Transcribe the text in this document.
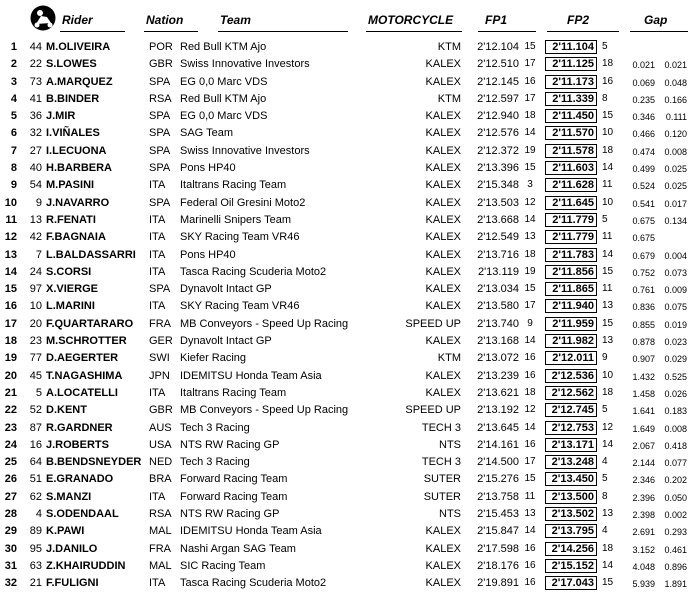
Rider	Nation	Team	MOTORCYCLE	FP1	FP2	Gap
1	44 M.OLIVEIRA	POR Red Bull KTM Ajo	KTM 2'12.104 15	2'11.104 5
2	22 S.LOWES	GBR Swiss Innovative Investors	KALEX 2'12.510 17	2'11.125 18	0.021 0.021
3	73 A.MARQUEZ	SPA EG 0,0 Marc VDS	KALEX 2'12.145 16	2'11.173 16	0.069 0.048
4	41 B.BINDER	RSA Red Bull KTM Ajo	KTM 2'12.597 17	2'11.339 8	0.235 0.166
5	36 J.MIR	SPA EG 0,0 Marc VDS	KALEX 2'12.940 18	2'11.450 15	0.346 0.111
6	32 I.VIÑALES	SPA SAG Team	KALEX 2'12.576 14	2'11.570 10	0.466 0.120
7	27 I.LECUONA	SPA Swiss Innovative Investors	KALEX 2'12.372 19	2'11.578 18	0.474 0.008
8	40 H.BARBERA	SPA Pons HP40	KALEX 2'13.396 15	2'11.603 14	0.499 0.025
9	54 M.PASINI	ITA Italtrans Racing Team	KALEX 2'15.348 3	2'11.628 11	0.524 0.025
10	9 J.NAVARRO	SPA Federal Oil Gresini Moto2	KALEX 2'13.503 12	2'11.645 10	0.541 0.017
11	13 R.FENATI	ITA Marinelli Snipers Team	KALEX 2'13.668 14	2'11.779 5	0.675 0.134
12	42 F.BAGNAIA	ITA SKY Racing Team VR46	KALEX 2'12.549 13	2'11.779 11	0.675
13	7 L.BALDASSARRI ITA Pons HP40	KALEX 2'13.716 18	2'11.783 14	0.679 0.004
14	24 S.CORSI	ITA Tasca Racing Scuderia Moto2	KALEX 2'13.119 19	2'11.856 15	0.752 0.073
15	97 X.VIERGE	SPA Dynavolt Intact GP	KALEX 2'13.034 15	2'11.865 11	0.761 0.009
16	10 L.MARINI	ITA SKY Racing Team VR46	KALEX 2'13.580 17	2'11.940 13	0.836 0.075
17	20 F.QUARTARARO FRA MB Conveyors - Speed Up Racing	SPEED UP 2'13.740 9	2'11.959 15	0.855 0.019
18	23 M.SCHROTTER GER Dynavolt Intact GP	KALEX 2'13.168 14	2'11.982 13	0.878 0.023
19	77 D.AEGERTER	SWI Kiefer Racing	KTM 2'13.072 16	2'12.011 9	0.907 0.029
20	45 T.NAGASHIMA JPN IDEMITSU Honda Team Asia	KALEX 2'13.239 16	2'12.536 10	1.432 0.525
21	5 A.LOCATELLI	ITA Italtrans Racing Team	KALEX 2'13.621 18	2'12.562 18	1.458 0.026
22	52 D.KENT	GBR MB Conveyors - Speed Up Racing	SPEED UP 2'13.192 12	2'12.745 5	1.641 0.183
23	87 R.GARDNER	AUS Tech 3 Racing	TECH 3 2'13.645 14	2'12.753 12	1.649 0.008
24	16 J.ROBERTS	USA NTS RW Racing GP	NTS 2'14.161 16	2'13.171 14	2.067 0.418
25	64 B.BENDSNEYDER NED Tech 3 Racing	TECH 3 2'14.500 17	2'13.248 4	2.144 0.077
26	51 E.GRANADO	BRA Forward Racing Team	SUTER 2'15.276 15	2'13.450 5	2.346 0.202
27	62 S.MANZI	ITA Forward Racing Team	SUTER 2'13.758 11	2'13.500 8	2.396 0.050
28	4 S.ODENDAAL	RSA NTS RW Racing GP	NTS 2'15.453 13	2'13.502 13	2.398 0.002
29	89 K.PAWI	MAL IDEMITSU Honda Team Asia	KALEX 2'15.847 14	2'13.795 4	2.691 0.293
30	95 J.DANILO	FRA Nashi Argan SAG Team	KALEX 2'17.598 16	2'14.256 18	3.152 0.461
31	63 Z.KHAIRUDDIN MAL SIC Racing Team	KALEX 2'18.176 16	2'15.152 14	4.048 0.896
32	21 F.FULIGNI	ITA Tasca Racing Scuderia Moto2	KALEX 2'19.891 16	2'17.043 15	5.939 1.891
